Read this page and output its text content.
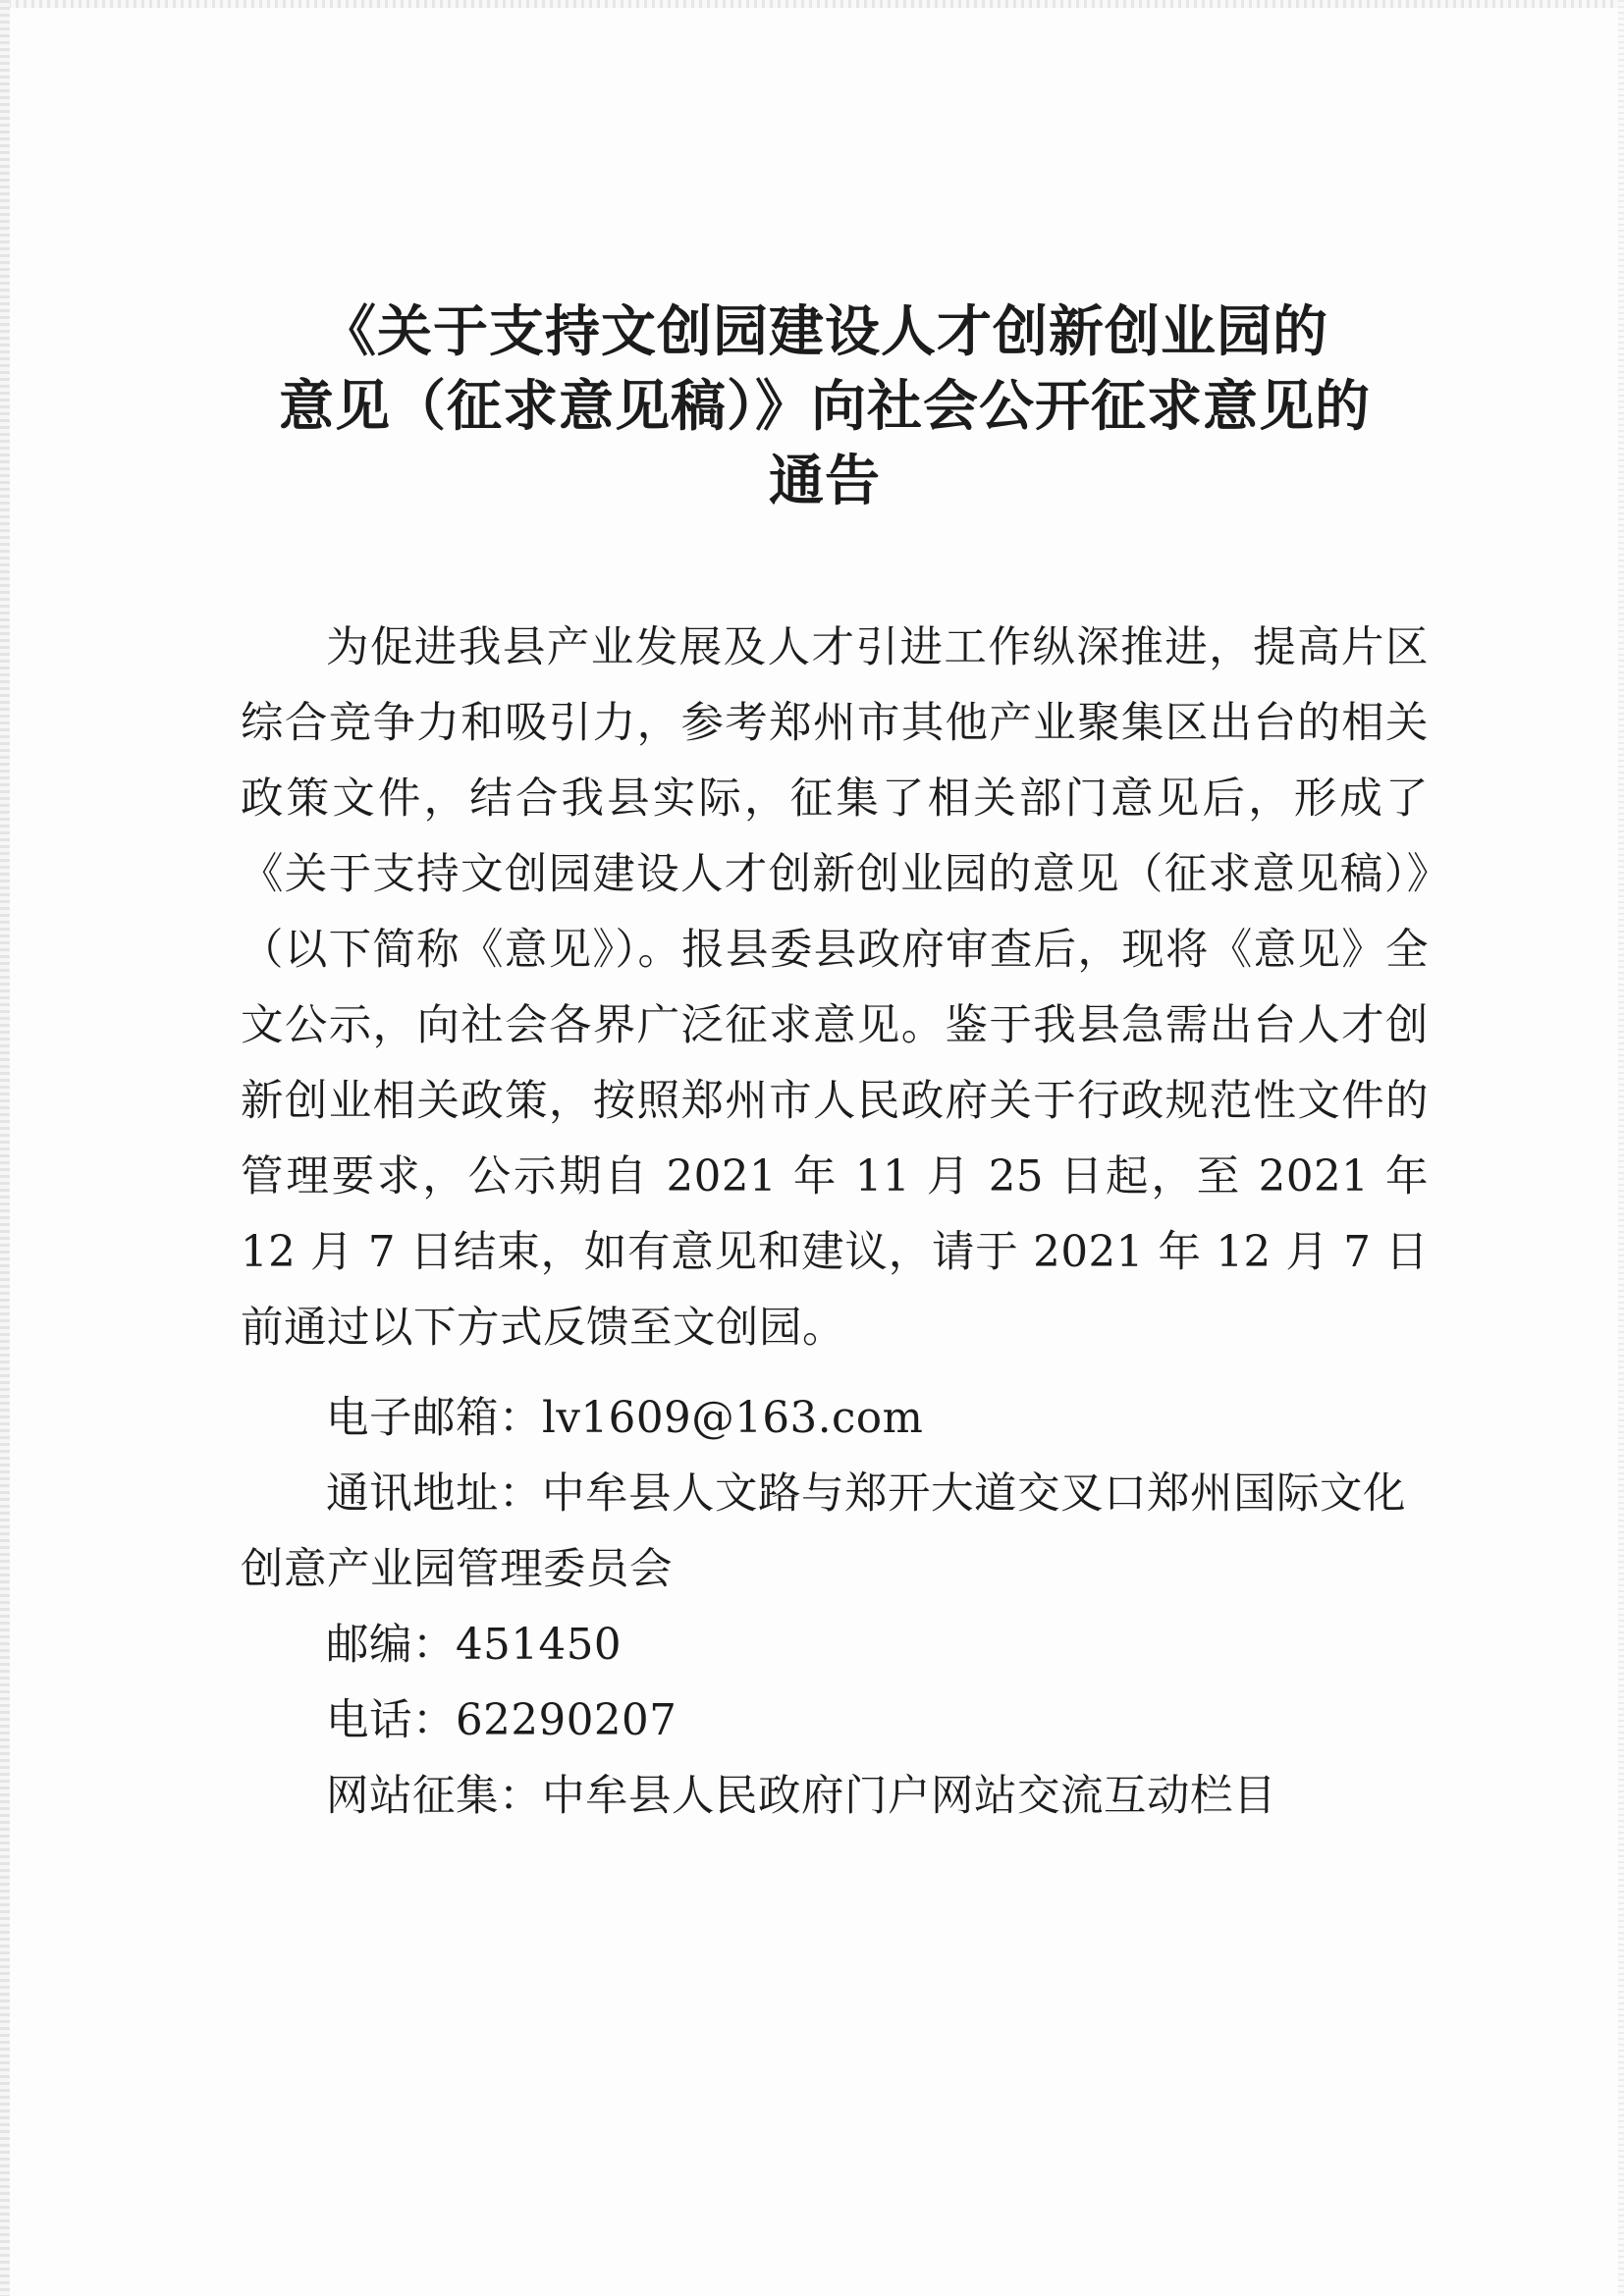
《关于支持文创园建设人才创新创业园的
意见（征求意见稿）》向社会公开征求意见的
通告
为促进我县产业发展及人才引进工作纵深推进，提高片区综合竞争力和吸引力，参考郑州市其他产业聚集区出台的相关政策文件，结合我县实际，征集了相关部门意见后，形成了《关于支持文创园建设人才创新创业园的意见（征求意见稿）》（以下简称《意见》）。报县委县政府审查后，现将《意见》全文公示，向社会各界广泛征求意见。鉴于我县急需出台人才创新创业相关政策，按照郑州市人民政府关于行政规范性文件的管理要求，公示期自 2021 年 11 月 25 日起，至 2021 年 12 月 7 日结束，如有意见和建议，请于 2021 年 12 月 7 日前通过以下方式反馈至文创园。
电子邮箱：lv1609@163.com
通讯地址：中牟县人文路与郑开大道交叉口郑州国际文化创意产业园管理委员会
邮编：451450
电话：62290207
网站征集：中牟县人民政府门户网站交流互动栏目
